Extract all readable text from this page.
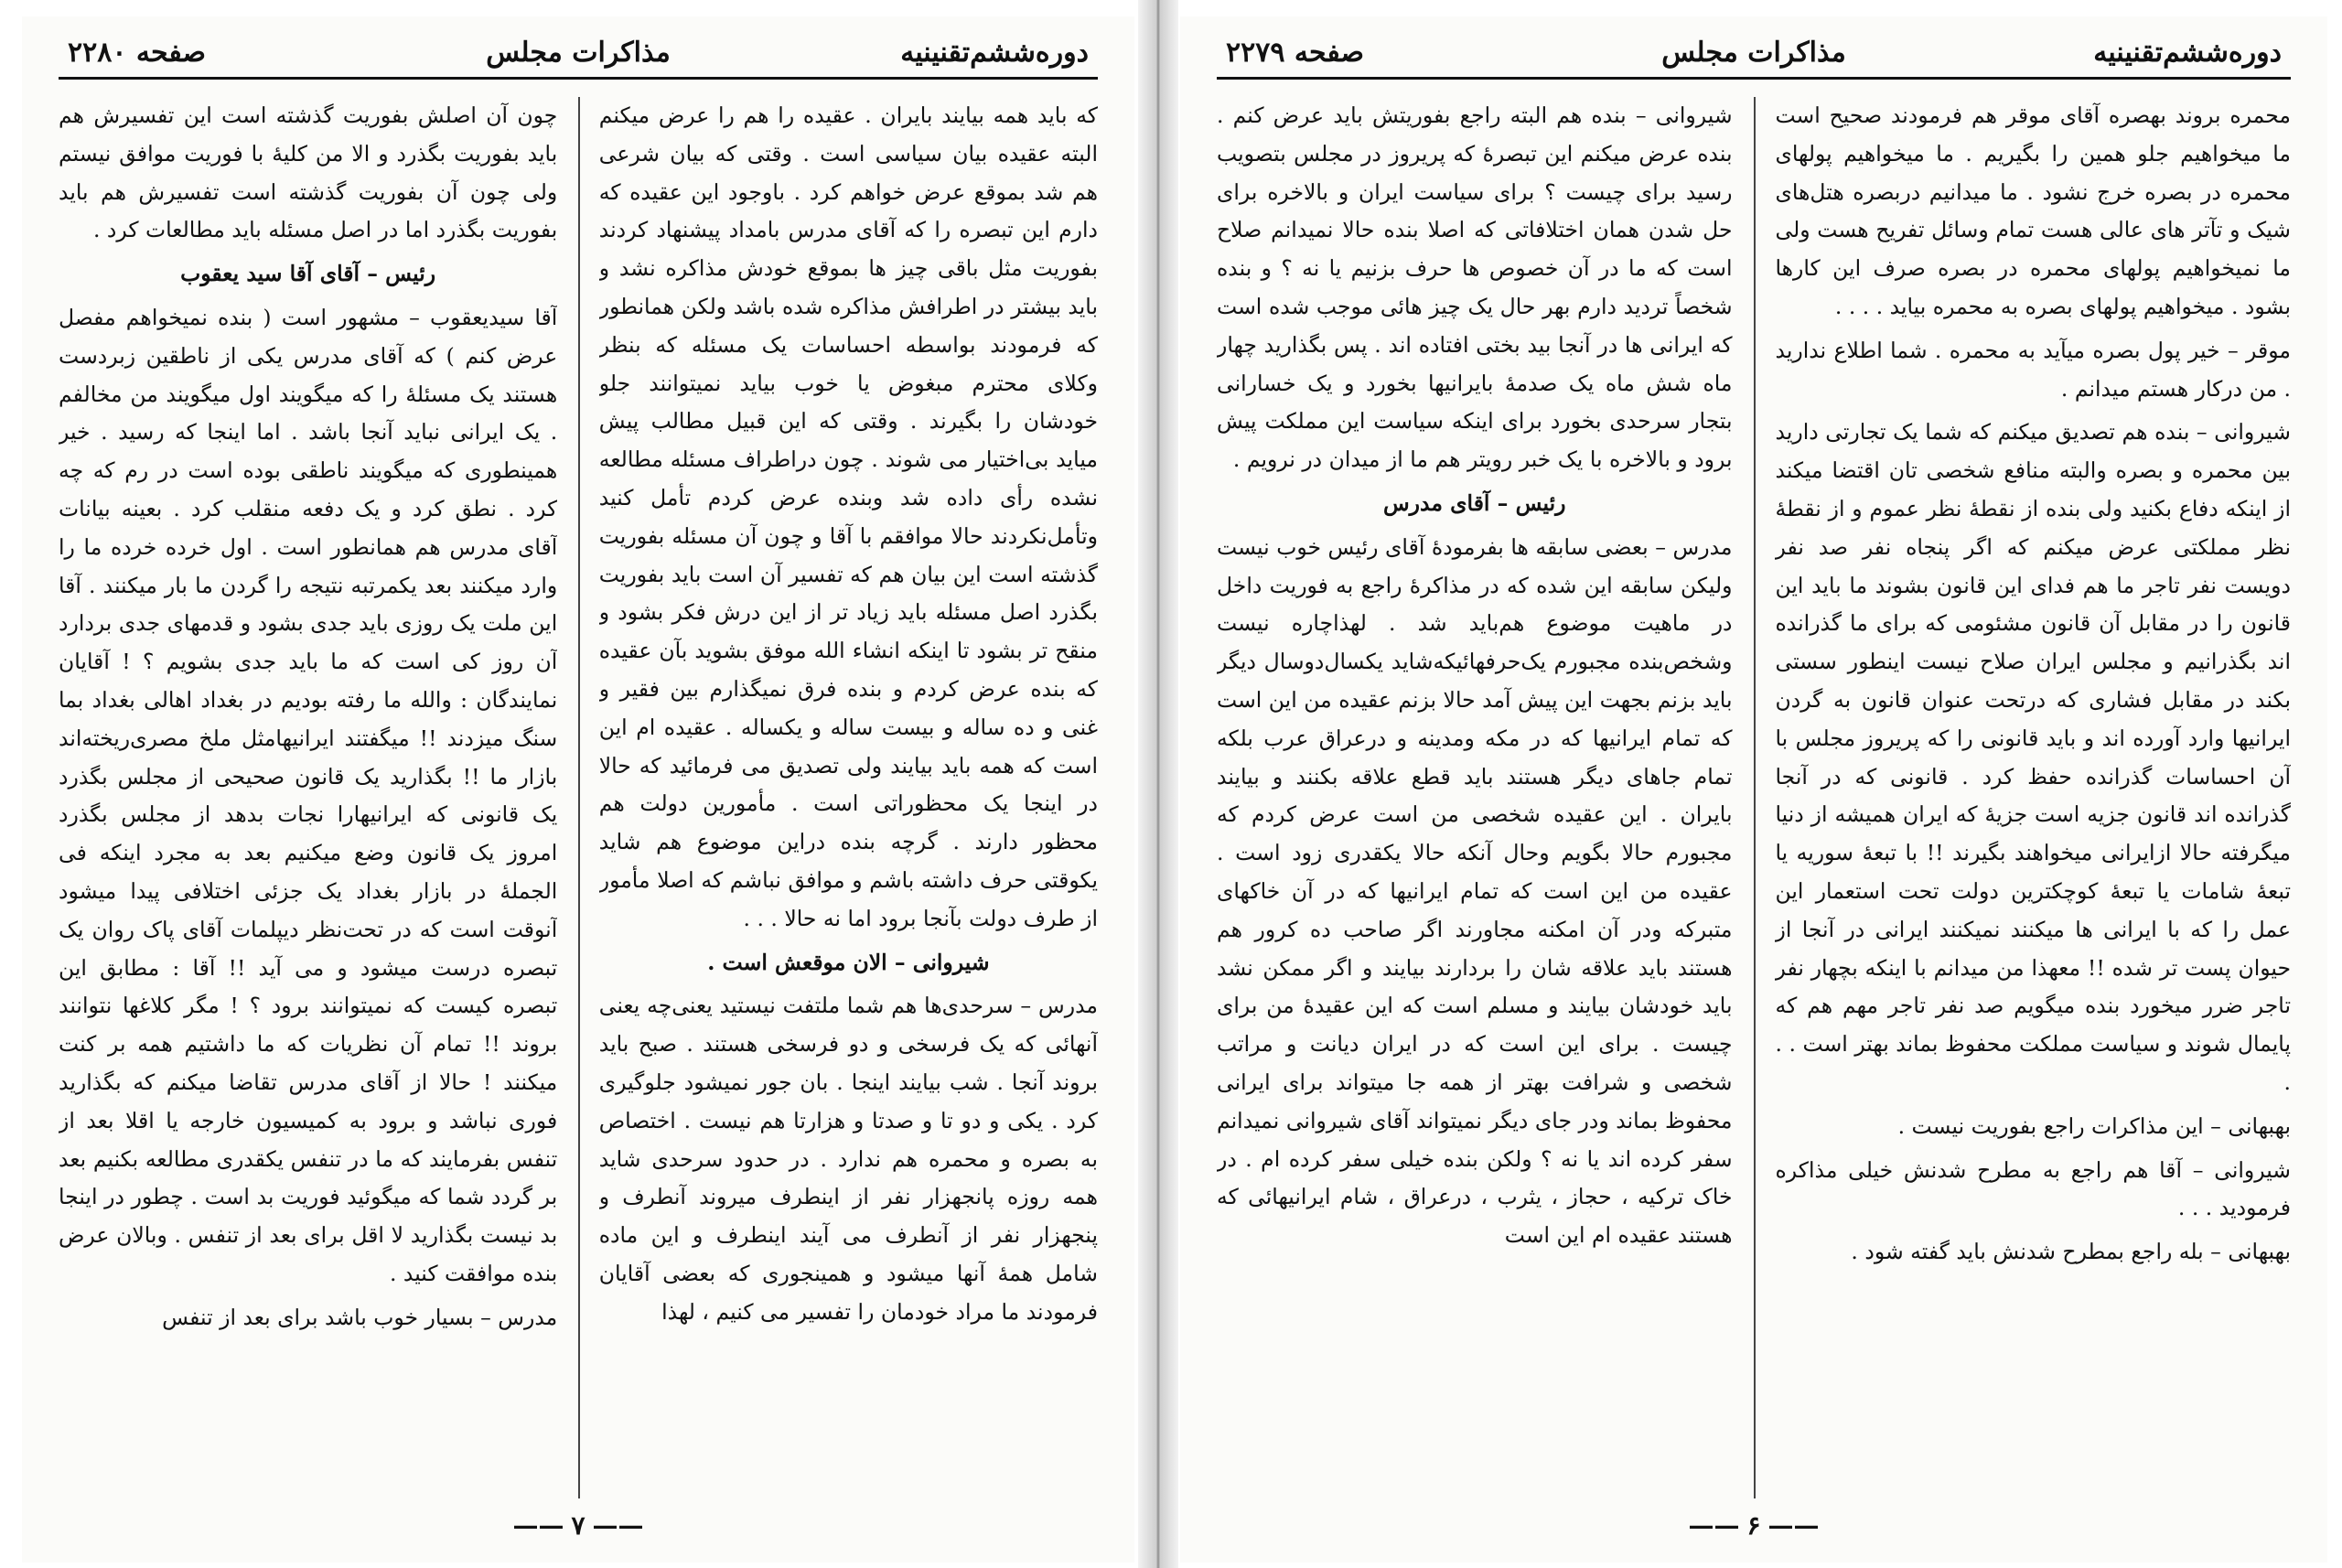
دوره‌ششم‌تقنینیه
مذاکرات مجلس
صفحه ۲۲۸۰

که باید همه بیایند بایران . عقیده را هم را عرض میکنم البته عقیده بیان سیاسی است . وقتی که بیان شرعی هم شد بموقع عرض خواهم کرد . باوجود این عقیده که دارم این تبصره را که آقای مدرس بامداد پیشنهاد کردند بفوریت مثل باقی چیز ها بموقع خودش مذاکره نشد و باید بیشتر در اطرافش مذاکره شده باشد ولکن همانطور که فرمودند بواسطه احساسات یک مسئله که بنظر وکلای محترم مبغوض یا خوب بیاید نمیتوانند جلو خودشان را بگیرند . وقتی که این قبیل مطالب پیش میاید بی‌اختیار می شوند . چون دراطراف مسئله مطالعه نشده رأی داده شد وبنده عرض کردم تأمل کنید وتأمل‌نکردند حالا موافقم با آقا و چون آن مسئله بفوریت گذشته است این بیان هم که تفسیر آن است باید بفوریت بگذرد اصل مسئله باید زیاد تر از این درش فکر بشود و منقح تر بشود تا اینکه انشاء الله موفق بشوید بآن عقیده که بنده عرض کردم و بنده فرق نمیگذارم بین فقیر و غنی و ده ساله و بیست ساله و یکساله . عقیده ام این است که همه باید بیایند ولی تصدیق می فرمائید که حالا در اینجا یک محظوراتی است . مأمورین دولت هم محظور دارند . گرچه بنده دراین موضوع هم شاید یکوقتی حرف داشته باشم و موافق نباشم که اصلا مأمور از طرف دولت بآنجا برود اما نه حالا . . .

شیروانی – الان موقعش است .

مدرس – سرحدی‌ها هم شما ملتفت نیستید یعنی‌چه یعنی آنهائی که یک فرسخی و دو فرسخی هستند . صبح باید بروند آنجا . شب بیایند اینجا . بان جور نمیشود جلوگیری کرد . یکی و دو تا و صدتا و هزارتا هم نیست . اختصاص به بصره و محمره هم ندارد . در حدود سرحدی شاید همه روزه پانجهزار نفر از اینطرف میروند آنطرف و پنجهزار نفر از آنطرف می آیند اینطرف و این ماده شامل همهٔ آنها میشود و همینجوری که بعضی آقایان فرمودند ما مراد خودمان را تفسیر می کنیم ، لهذا

چون آن اصلش بفوریت گذشته است این تفسیرش هم باید بفوریت بگذرد و الا من کلیهٔ با فوریت موافق نیستم ولی چون آن بفوریت گذشته است تفسیرش هم باید بفوریت بگذرد اما در اصل مسئله باید مطالعات کرد .

رئیس – آقای آقا سید یعقوب

آقا سیدیعقوب – مشهور است ( بنده نمیخواهم مفصل عرض کنم ) که آقای مدرس یکی از ناطقین زبردست هستند یک مسئلهٔ را که میگویند اول میگویند من مخالفم . یک ایرانی نباید آنجا باشد . اما اینجا که رسید . خیر همینطوری که میگویند ناطقی بوده است در رم که چه کرد . نطق کرد و یک دفعه منقلب کرد . بعینه بیانات آقای مدرس هم همانطور است . اول خرده خرده ما را وارد میکنند بعد یکمرتبه نتیجه را گردن ما بار میکنند . آقا این ملت یک روزی باید جدی بشود و قدمهای جدی بردارد آن روز کی است که ما باید جدی بشویم ؟ ! آقایان نمایندگان : والله ما رفته بودیم در بغداد اهالی بغداد بما سنگ میزدند !! میگفتند ایرانیهامثل ملخ مصری‌ریخته‌اند بازار ما !! بگذارید یک قانون صحیحی از مجلس بگذرد یک قانونی که ایرانیهارا نجات بدهد از مجلس بگذرد امروز یک قانون وضع میکنیم بعد به مجرد اینکه فی الجملهٔ در بازار بغداد یک جزئی اختلافی پیدا میشود آنوقت است که در تحت‌نظر دیپلمات آقای پاک روان یک تبصره درست میشود و می آید !! آقا : مطابق این تبصره کیست که نمیتوانند برود ؟ ! مگر کلاغها نتوانند بروند !! تمام آن نظریات که ما داشتیم همه بر کنت میکنند ! حالا از آقای مدرس تقاضا میکنم که بگذارید فوری نباشد و برود به کمیسیون خارجه یا اقلا بعد از تنفس بفرمایند که ما در تنفس یکقدری مطالعه بکنیم بعد بر گردد شما که میگوئید فوریت بد است . چطور در اینجا بد نیست بگذارید لا اقل برای بعد از تنفس . وبالان عرض بنده موافقت کنید .

مدرس – بسیار خوب باشد برای بعد از تنفس

—— ۷ ——
دوره‌ششم‌تقنینیه
مذاکرات مجلس
صفحه ۲۲۷۹

محمره بروند بهصره آقای موقر هم فرمودند صحیح است ما میخواهیم جلو همین را بگیریم . ما میخواهیم پولهای محمره در بصره خرج نشود . ما میدانیم دربصره هتل‌های شیک و تآتر های عالی هست تمام وسائل تفریح هست ولی ما نمیخواهیم پولهای محمره در بصره صرف این کارها بشود . میخواهیم پولهای بصره به محمره بیاید . . . .

موقر – خیر پول بصره میآید به محمره . شما اطلاع ندارید . من درکار هستم میدانم .

شیروانی – بنده هم تصدیق میکنم که شما یک تجارتی دارید بین محمره و بصره والبته منافع شخصی تان اقتضا میکند از اینکه دفاع بکنید ولی بنده از نقطهٔ نظر عموم و از نقطهٔ نظر مملکتی عرض میکنم که اگر پنجاه نفر صد نفر دویست نفر تاجر ما هم فدای این قانون بشوند ما باید این قانون را در مقابل آن قانون مشئومی که برای ما گذرانده اند بگذرانیم و مجلس ایران صلاح نیست اینطور سستی بکند در مقابل فشاری که درتحت عنوان قانون به گردن ایرانیها وارد آورده اند و باید قانونی را که پریروز مجلس با آن احساسات گذرانده حفظ کرد . قانونی که در آنجا گذرانده اند قانون جزیه است جزیهٔ که ایران همیشه از دنیا میگرفته حالا ازایرانی میخواهند بگیرند !! با تبعهٔ سوریه یا تبعهٔ شامات یا تبعهٔ کوچکترین دولت تحت استعمار این عمل را که با ایرانی ها میکنند نمیکنند ایرانی در آنجا از حیوان پست تر شده !! معهذا من میدانم با اینکه بچهار نفر تاجر ضرر میخورد بنده میگویم صد نفر تاجر مهم هم که پایمال شوند و سیاست مملکت محفوظ بماند بهتر است . . .

بهبهانی – این مذاکرات راجع بفوریت نیست .

شیروانی – آقا هم راجع به مطرح شدنش خیلی مذاکره فرمودید . . .

بهبهانی – بله راجع بمطرح شدنش باید گفته شود .

شیروانی – بنده هم البته راجع بفوریتش باید عرض کنم . بنده عرض میکنم این تبصرهٔ که پریروز در مجلس بتصویب رسید برای چیست ؟ برای سیاست ایران و بالاخره برای حل شدن همان اختلافاتی که اصلا بنده حالا نمیدانم صلاح است که ما در آن خصوص ها حرف بزنیم یا نه ؟ و بنده شخصاً تردید دارم بهر حال یک چیز هائی موجب شده است که ایرانی ها در آنجا بید بختی افتاده اند . پس بگذارید چهار ماه شش ماه یک صدمهٔ بایرانیها بخورد و یک خسارانی بتجار سرحدی بخورد برای اینکه سیاست این مملکت پیش برود و بالاخره با یک خبر رویتر هم ما از میدان در نرویم .

رئیس – آقای مدرس

مدرس – بعضی سابقه ها بفرمودهٔ آقای رئیس خوب نیست ولیکن سابقه این شده که در مذاکرهٔ راجع به فوریت داخل در ماهیت موضوع هم‌باید شد . لهذاچاره نیست وشخص‌بنده مجبورم یک‌حرفهائیکه‌شاید یکسال‌دوسال دیگر باید بزنم بجهت این پیش آمد حالا بزنم عقیده من این است که تمام ایرانیها که در مکه ومدینه و درعراق عرب بلکه تمام جاهای دیگر هستند باید قطع علاقه بکنند و بیایند بایران . این عقیده شخصی من است عرض کردم که مجبورم حالا بگویم وحال آنکه حالا یکقدری زود است . عقیده من این است که تمام ایرانیها که در آن خاکهای متبرکه ودر آن امکنه مجاورند اگر صاحب ده کرور هم هستند باید علاقه شان را بردارند بیایند و اگر ممکن نشد باید خودشان بیایند و مسلم است که این عقیدهٔ من برای چیست . برای این است که در ایران دیانت و مراتب شخصی و شرافت بهتر از همه جا میتواند برای ایرانی محفوظ بماند ودر جای دیگر نمیتواند آقای شیروانی نمیدانم سفر کرده اند یا نه ؟ ولکن بنده خیلی سفر کرده ام . در خاک ترکیه ، حجاز ، یثرب ، درعراق ، شام ایرانیهائی که هستند عقیده ام این است

—— ۶ ——
